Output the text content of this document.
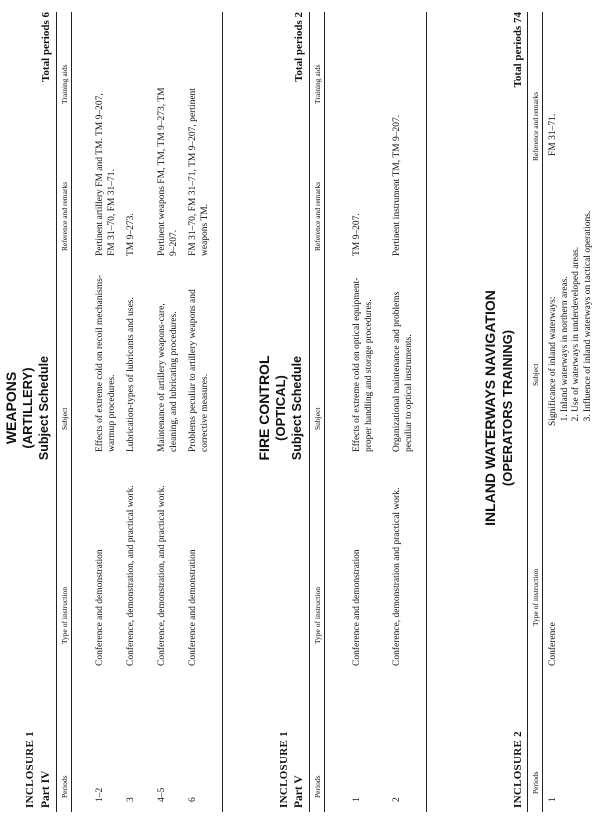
WEAPONS (ARTILLERY)
INCLOSURE 1
Subject Schedule
Part IV
Total periods 6
Periods
Type of instruction
Subject
Reference and remarks
Training aids
1–2
Conference and demonstration
Effects of extreme cold on recoil mechanisms-warmup procedures.
Pertinent artillery FM and TM. TM 9–207, FM 31–70, FM 31–71.
3
Conference, demonstration, and practical work.
Lubrication-types of lubricants and uses.
TM 9–273.
4–5
Conference, demonstration, and practical work.
Maintenance of artillery weapons-care, cleaning, and lubricating procedures.
Pertinent weapons FM, TM, TM 9–273, TM 9–207.
6
Conference and demonstration
Problems peculiar to artillery weapons and corrective measures.
FM 31–70, FM 31–71, TM 9–207, pertinent weapons TM.
FIRE CONTROL (OPTICAL)
INCLOSURE 1
Subject Schedule
Part V
Total periods 2
Periods
Type of instruction
Subject
Reference and remarks
Training aids
1
Conference and demonstration
Effects of extreme cold on optical equipment-proper handling and storage procedures.
TM 9–207.
2
Conference, demonstration and practical work.
Organizational maintenance and problems peculiar to optical instruments.
Pertinent instrument TM, TM 9–207.
INLAND WATERWAYS NAVIGATION (OPERATORS TRAINING)
INCLOSURE 2
Total periods 74
Periods
Type of instruction
Subject
Reference and remarks
1
Conference
Significance of inland waterways: 1. Inland waterways in northern areas. 2. Use of waterways in underdeveloped areas. 3. Influence of inland waterways on tactical operations.
FM 31–71.
